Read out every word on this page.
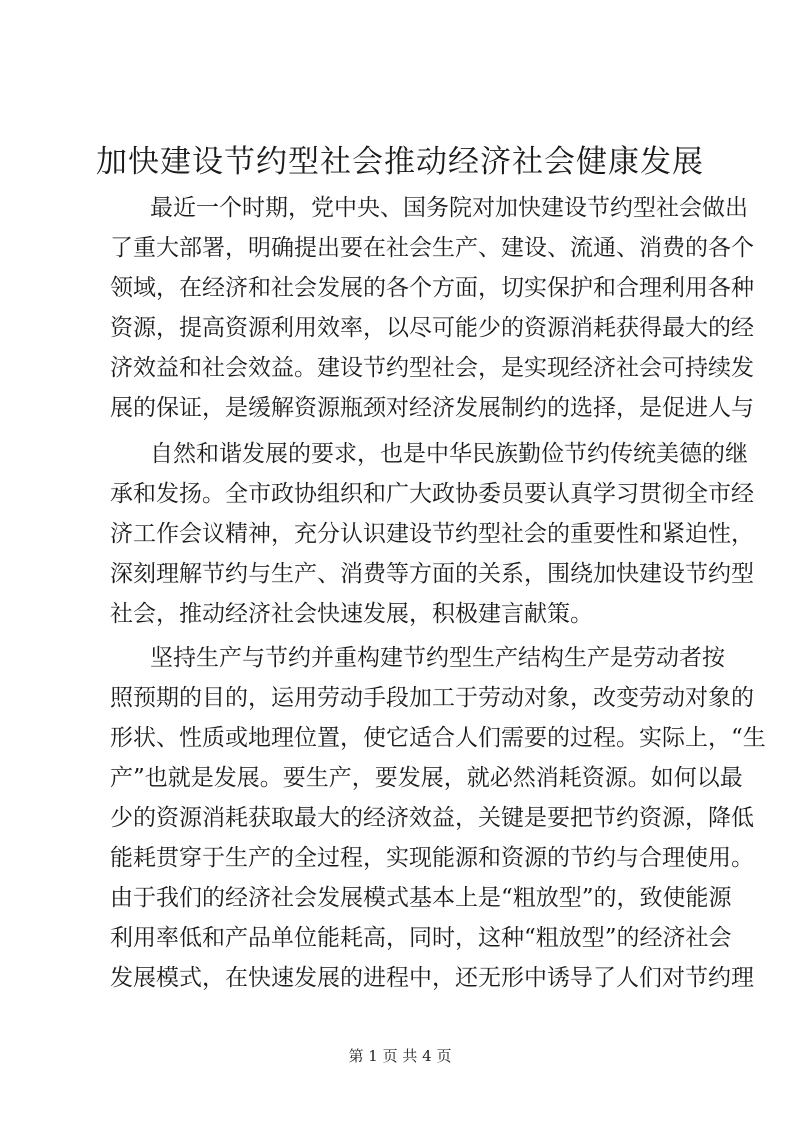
加快建设节约型社会推动经济社会健康发展
最近一个时期，党中央、国务院对加快建设节约型社会做出
了重大部署，明确提出要在社会生产、建设、流通、消费的各个
领域，在经济和社会发展的各个方面，切实保护和合理利用各种
资源，提高资源利用效率，以尽可能少的资源消耗获得最大的经
济效益和社会效益。建设节约型社会，是实现经济社会可持续发
展的保证，是缓解资源瓶颈对经济发展制约的选择，是促进人与
自然和谐发展的要求，也是中华民族勤俭节约传统美德的继
承和发扬。全市政协组织和广大政协委员要认真学习贯彻全市经
济工作会议精神，充分认识建设节约型社会的重要性和紧迫性，
深刻理解节约与生产、消费等方面的关系，围绕加快建设节约型
社会，推动经济社会快速发展，积极建言献策。
坚持生产与节约并重构建节约型生产结构生产是劳动者按
照预期的目的，运用劳动手段加工于劳动对象，改变劳动对象的
形状、性质或地理位置，使它适合人们需要的过程。实际上，“生
产”也就是发展。要生产，要发展，就必然消耗资源。如何以最
少的资源消耗获取最大的经济效益，关键是要把节约资源，降低
能耗贯穿于生产的全过程，实现能源和资源的节约与合理使用。
由于我们的经济社会发展模式基本上是“粗放型”的，致使能源
利用率低和产品单位能耗高，同时，这种“粗放型”的经济社会
发展模式，在快速发展的进程中，还无形中诱导了人们对节约理
第 1 页 共 4 页
